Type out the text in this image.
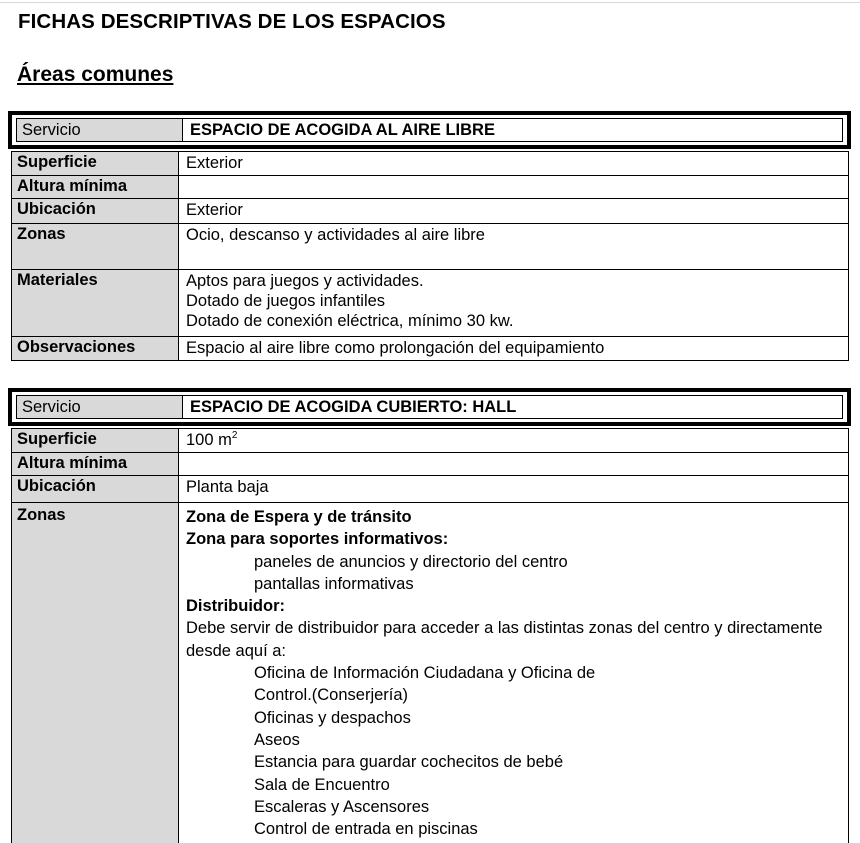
FICHAS DESCRIPTIVAS DE LOS ESPACIOS
Áreas comunes
Servicio	ESPACIO DE ACOGIDA AL AIRE LIBRE
Superficie	Exterior
Altura mínima
Ubicación	Exterior
Zonas	Ocio, descanso y actividades al aire libre
Materiales	Aptos para juegos y actividades.
Dotado de juegos infantiles
Dotado de conexión eléctrica, mínimo 30 kw.
Observaciones	Espacio al aire libre como prolongación del equipamiento
Servicio	ESPACIO DE ACOGIDA CUBIERTO: HALL
Superficie	100 $m^2$
Altura mínima
Ubicación	Planta baja
Zonas	Zona de Espera y de tránsito
Zona para soportes informativos:
paneles de anuncios y directorio del centro
pantallas informativas
Distribuidor:
Debe servir de distribuidor para acceder a las distintas zonas del centro y directamente desde aquí a:
Oficina de Información Ciudadana y Oficina de
Control.(Conserjería)
Oficinas y despachos
Aseos
Estancia para guardar cochecitos de bebé
Sala de Encuentro
Escaleras y Ascensores
Control de entrada en piscinas
